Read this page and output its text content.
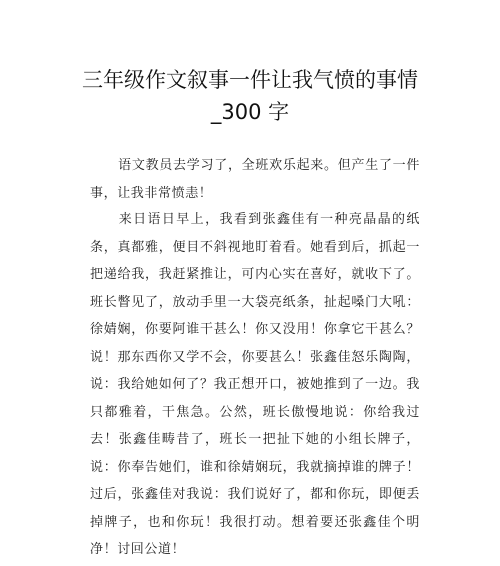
三年级作文叙事一件让我气愤的事情
_300 字

语文教员去学习了，全班欢乐起来。但产生了一件事，让我非常愤恚！

来日语日早上，我看到张鑫佳有一种亮晶晶的纸条，真都雅，便目不斜视地盯着看。她看到后，抓起一把递给我，我赶紧推让，可内心实在喜好，就收下了。班长瞥见了，放动手里一大袋亮纸条，扯起嗓门大吼：徐婧娴，你要阿谁干甚么！你又没用！你拿它干甚么？说！那东西你又学不会，你要甚么！张鑫佳怒乐陶陶，说：我给她如何了？我正想开口，被她推到了一边。我只都雅着，干焦急。公然，班长傲慢地说：你给我过去！张鑫佳畴昔了，班长一把扯下她的小组长牌子，说：你奉告她们，谁和徐婧娴玩，我就摘掉谁的牌子！过后，张鑫佳对我说：我们说好了，都和你玩，即便丢掉牌子，也和你玩！我很打动。想着要还张鑫佳个明净！讨回公道！
